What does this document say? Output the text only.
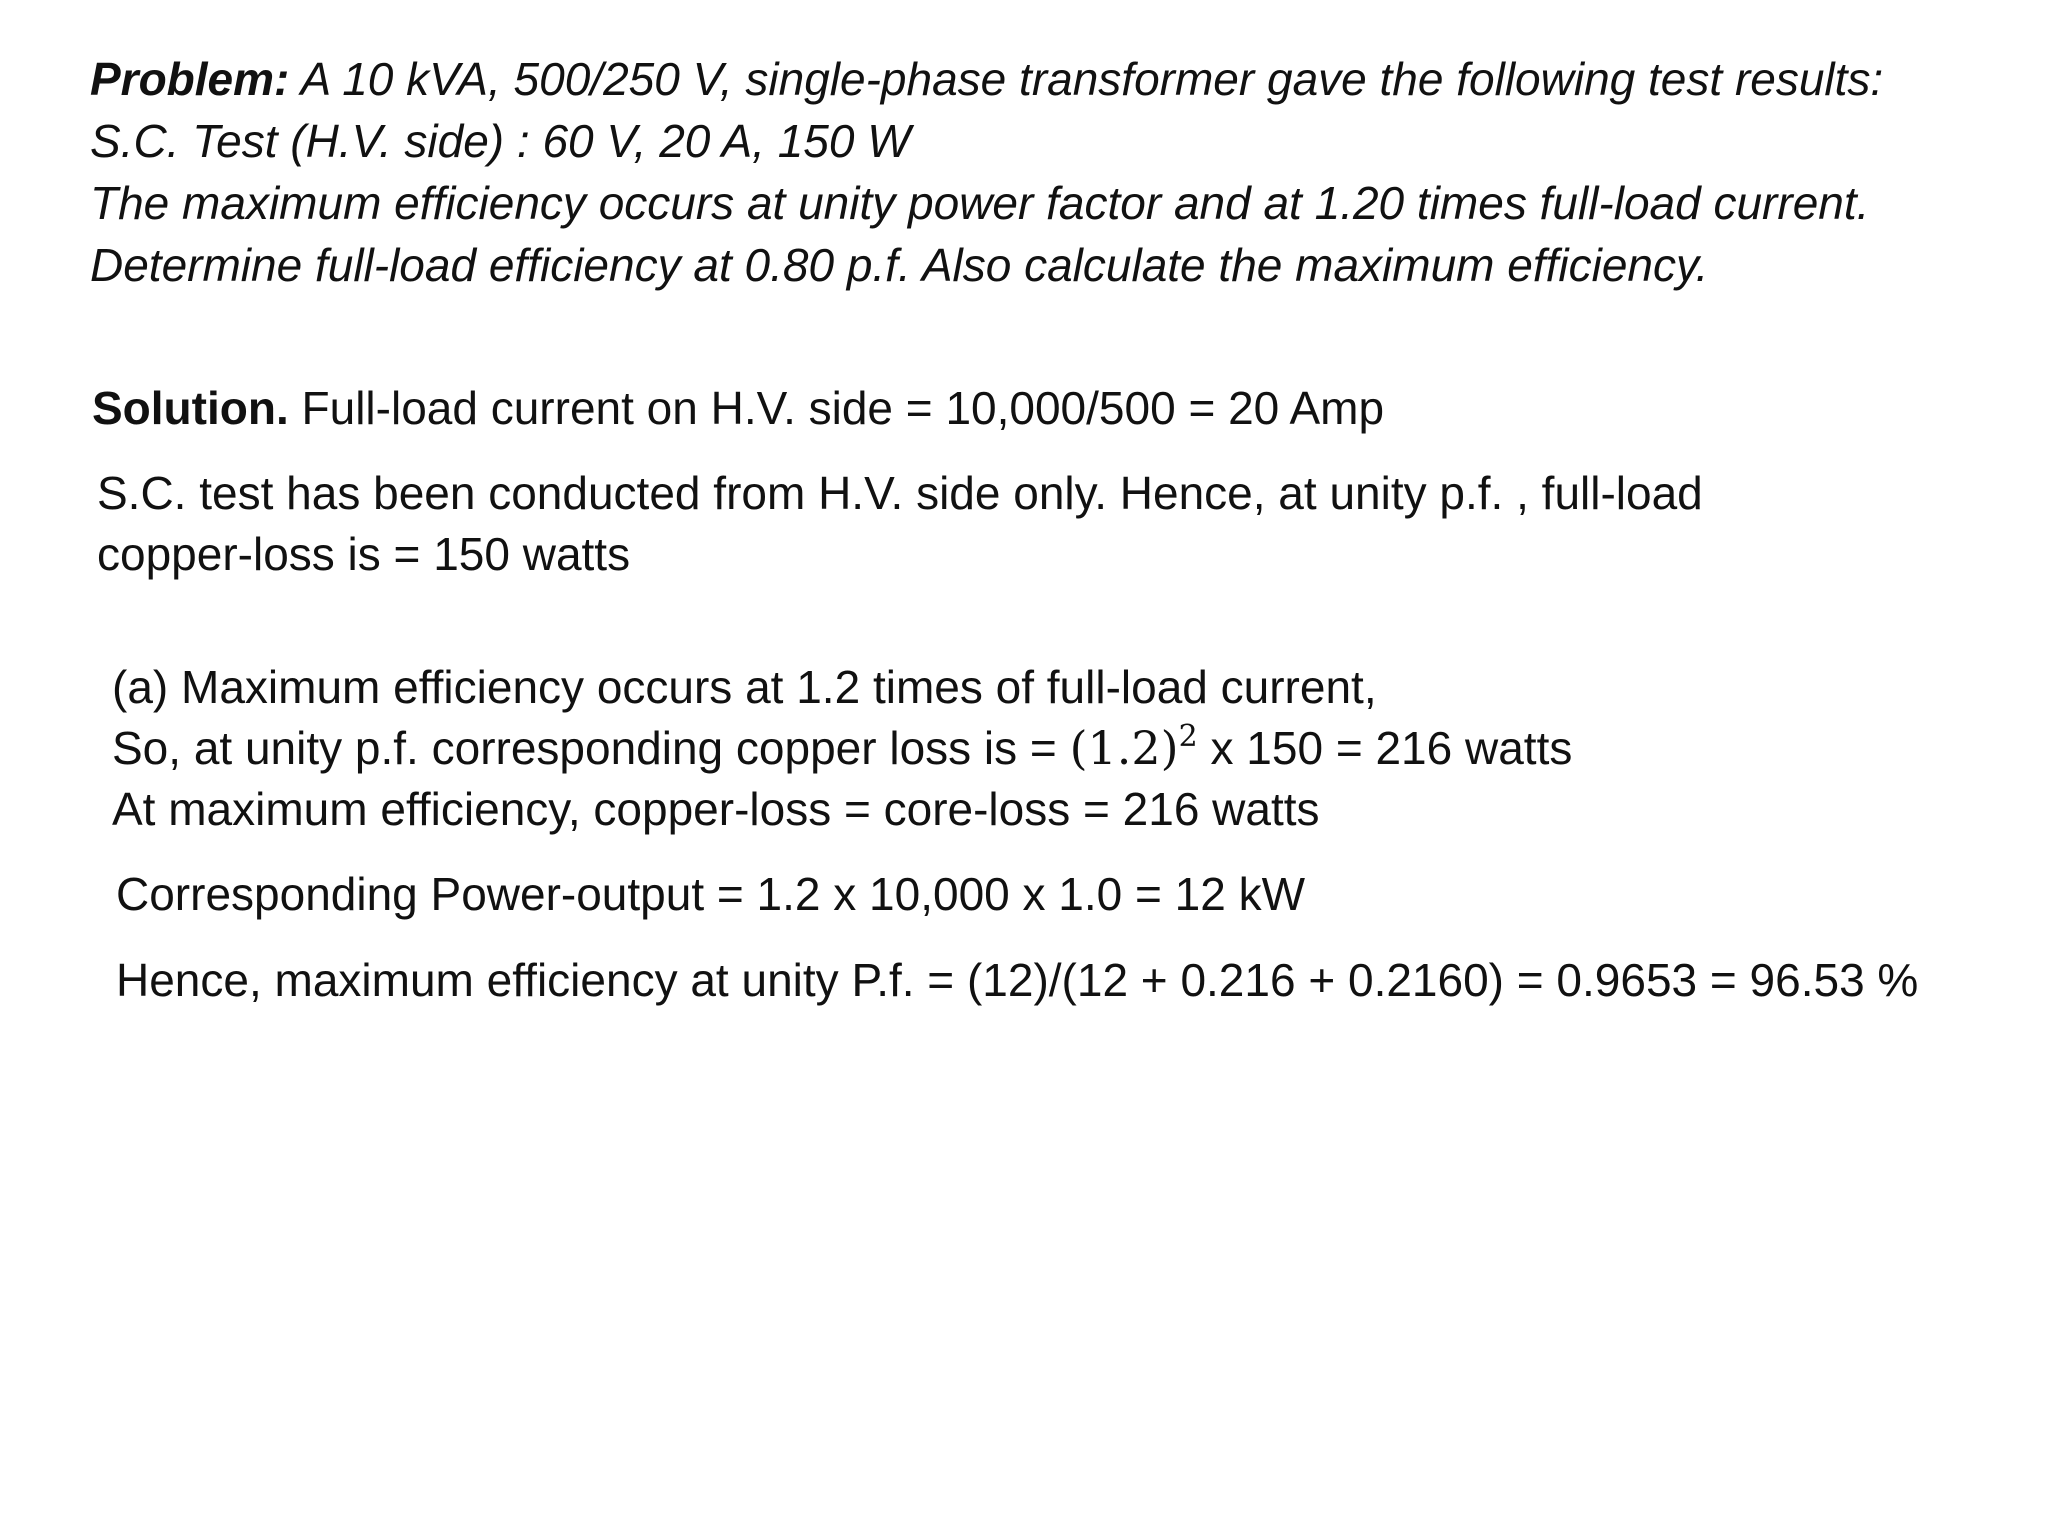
Problem: A 10 kVA, 500/250 V, single-phase transformer gave the following test results:
S.C. Test (H.V. side) : 60 V, 20 A, 150 W
The maximum efficiency occurs at unity power factor and at 1.20 times full-load current.
Determine full-load efficiency at 0.80 p.f. Also calculate the maximum efficiency.
Solution. Full-load current on H.V. side = 10,000/500 = 20 Amp
S.C. test has been conducted from H.V. side only. Hence, at unity p.f. , full-load
copper-loss is = 150 watts
(a) Maximum efficiency occurs at 1.2 times of full-load current,
So, at unity p.f. corresponding copper loss is = $(1.2)^2$ x 150 = 216 watts
At maximum efficiency, copper-loss = core-loss = 216 watts
Corresponding Power-output = 1.2 x 10,000 x 1.0 = 12 kW
Hence, maximum efficiency at unity P.f. = (12)/(12 + 0.216 + 0.2160) = 0.9653 = 96.53 %
